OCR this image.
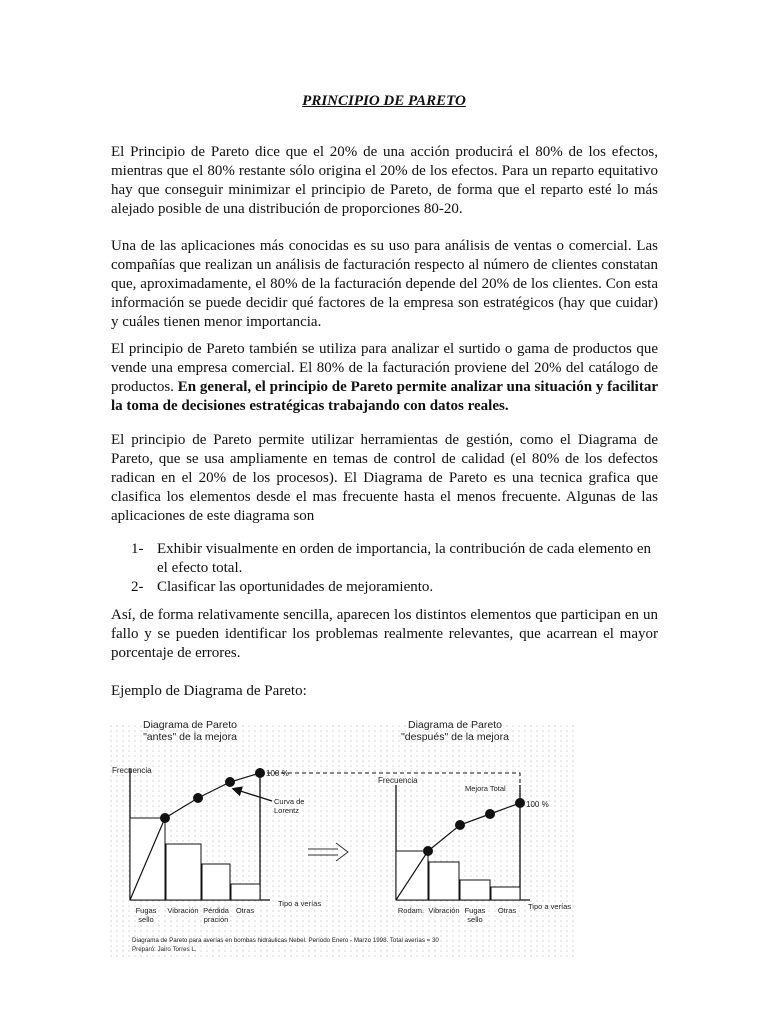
PRINCIPIO DE PARETO

El Principio de Pareto dice que el 20% de una acción producirá el 80% de los efectos, mientras que el 80% restante sólo origina el 20% de los efectos. Para un reparto equitativo hay que conseguir minimizar el principio de Pareto, de forma que el reparto esté lo más alejado posible de una distribución de proporciones 80-20.

Una de las aplicaciones más conocidas es su uso para análisis de ventas o comercial. Las compañías que realizan un análisis de facturación respecto al número de clientes constatan que, aproximadamente, el 80% de la facturación depende del 20% de los clientes. Con esta información se puede decidir qué factores de la empresa son estratégicos (hay que cuidar) y cuáles tienen menor importancia.

El principio de Pareto también se utiliza para analizar el surtido o gama de productos que vende una empresa comercial. El 80% de la facturación proviene del 20% del catálogo de productos. En general, el principio de Pareto permite analizar una situación y facilitar la toma de decisiones estratégicas trabajando con datos reales.

El principio de Pareto permite utilizar herramientas de gestión, como el Diagrama de Pareto, que se usa ampliamente en temas de control de calidad (el 80% de los defectos radican en el 20% de los procesos). El Diagrama de Pareto es una tecnica grafica que clasifica los elementos desde el mas frecuente hasta el menos frecuente. Algunas de las aplicaciones de este diagrama son

1- Exhibir visualmente en orden de importancia, la contribución de cada elemento en el efecto total.
2- Clasificar las oportunidades de mejoramiento.

Así, de forma relativamente sencilla, aparecen los distintos elementos que participan en un fallo y se pueden identificar los problemas realmente relevantes, que acarrean el mayor porcentaje de errores.

Ejemplo de Diagrama de Pareto:

Diagrama de Pareto
"antes" de la mejora
Frecuencia	100 %
Curva de
Lorentz
Tipo a verías
Fugas
sello
Vibración Pérdida
pración
Otras
Diagrama de Pareto
"después" de la mejora
Frecuencia
Mejora Total
100 %
Tipo a verías
Rodam. Vibración Fugas
sello
Otras
Diagrama de Pareto para averías en bombas hidráulicas Nebel. Período Enero - Marzo 1998. Total averías = 30
Preparó: Jairo Torres L.
